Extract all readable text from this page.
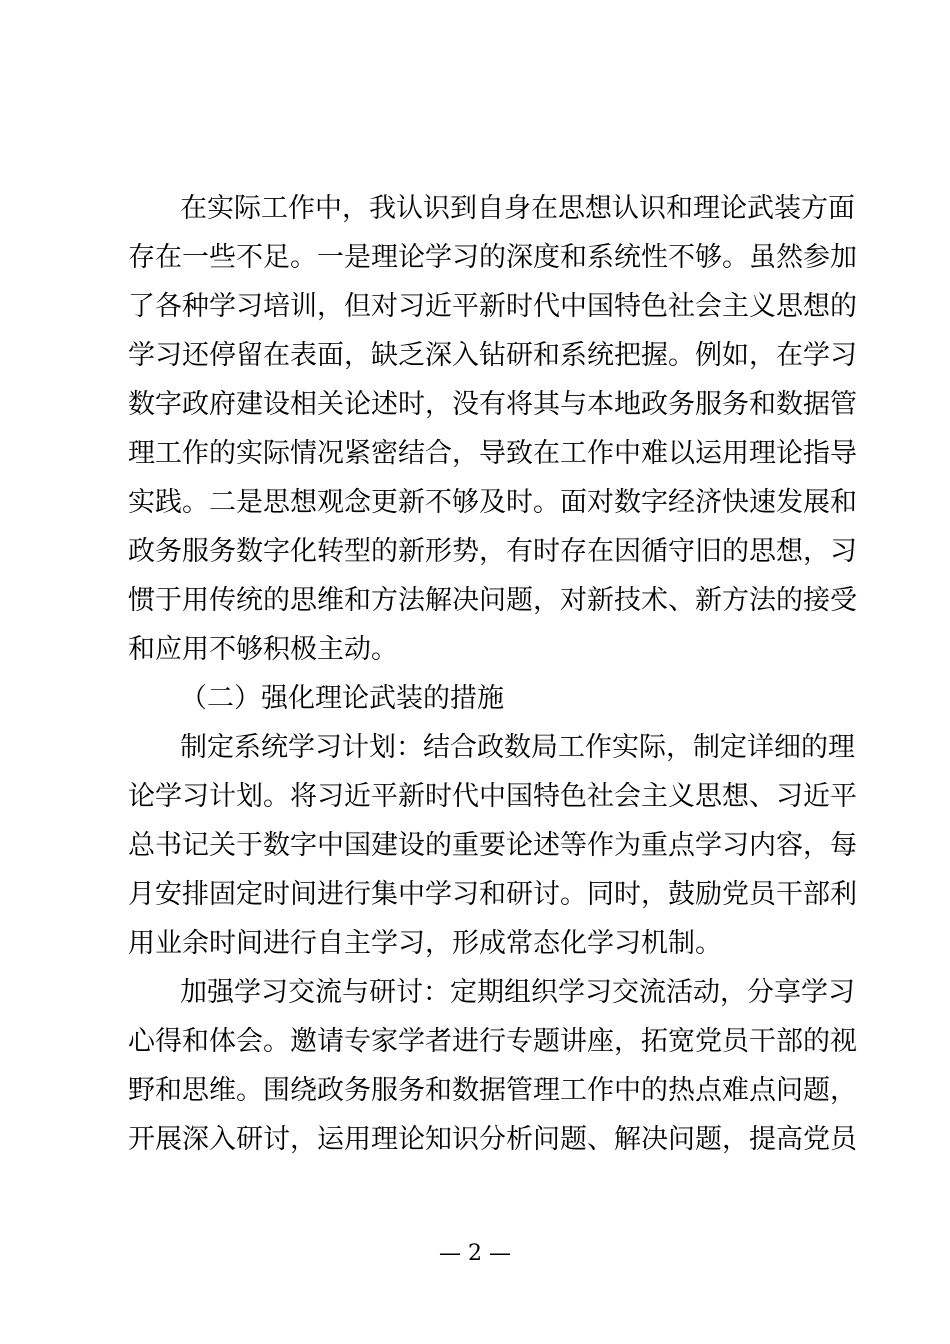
在实际工作中，我认识到自身在思想认识和理论武装方面
存在一些不足。一是理论学习的深度和系统性不够。虽然参加
了各种学习培训，但对习近平新时代中国特色社会主义思想的
学习还停留在表面，缺乏深入钻研和系统把握。例如，在学习
数字政府建设相关论述时，没有将其与本地政务服务和数据管
理工作的实际情况紧密结合，导致在工作中难以运用理论指导
实践。二是思想观念更新不够及时。面对数字经济快速发展和
政务服务数字化转型的新形势，有时存在因循守旧的思想，习
惯于用传统的思维和方法解决问题，对新技术、新方法的接受
和应用不够积极主动。
（二）强化理论武装的措施
制定系统学习计划：结合政数局工作实际，制定详细的理
论学习计划。将习近平新时代中国特色社会主义思想、习近平
总书记关于数字中国建设的重要论述等作为重点学习内容，每
月安排固定时间进行集中学习和研讨。同时，鼓励党员干部利
用业余时间进行自主学习，形成常态化学习机制。
加强学习交流与研讨：定期组织学习交流活动，分享学习
心得和体会。邀请专家学者进行专题讲座，拓宽党员干部的视
野和思维。围绕政务服务和数据管理工作中的热点难点问题，
开展深入研讨，运用理论知识分析问题、解决问题，提高党员
— 2 —
